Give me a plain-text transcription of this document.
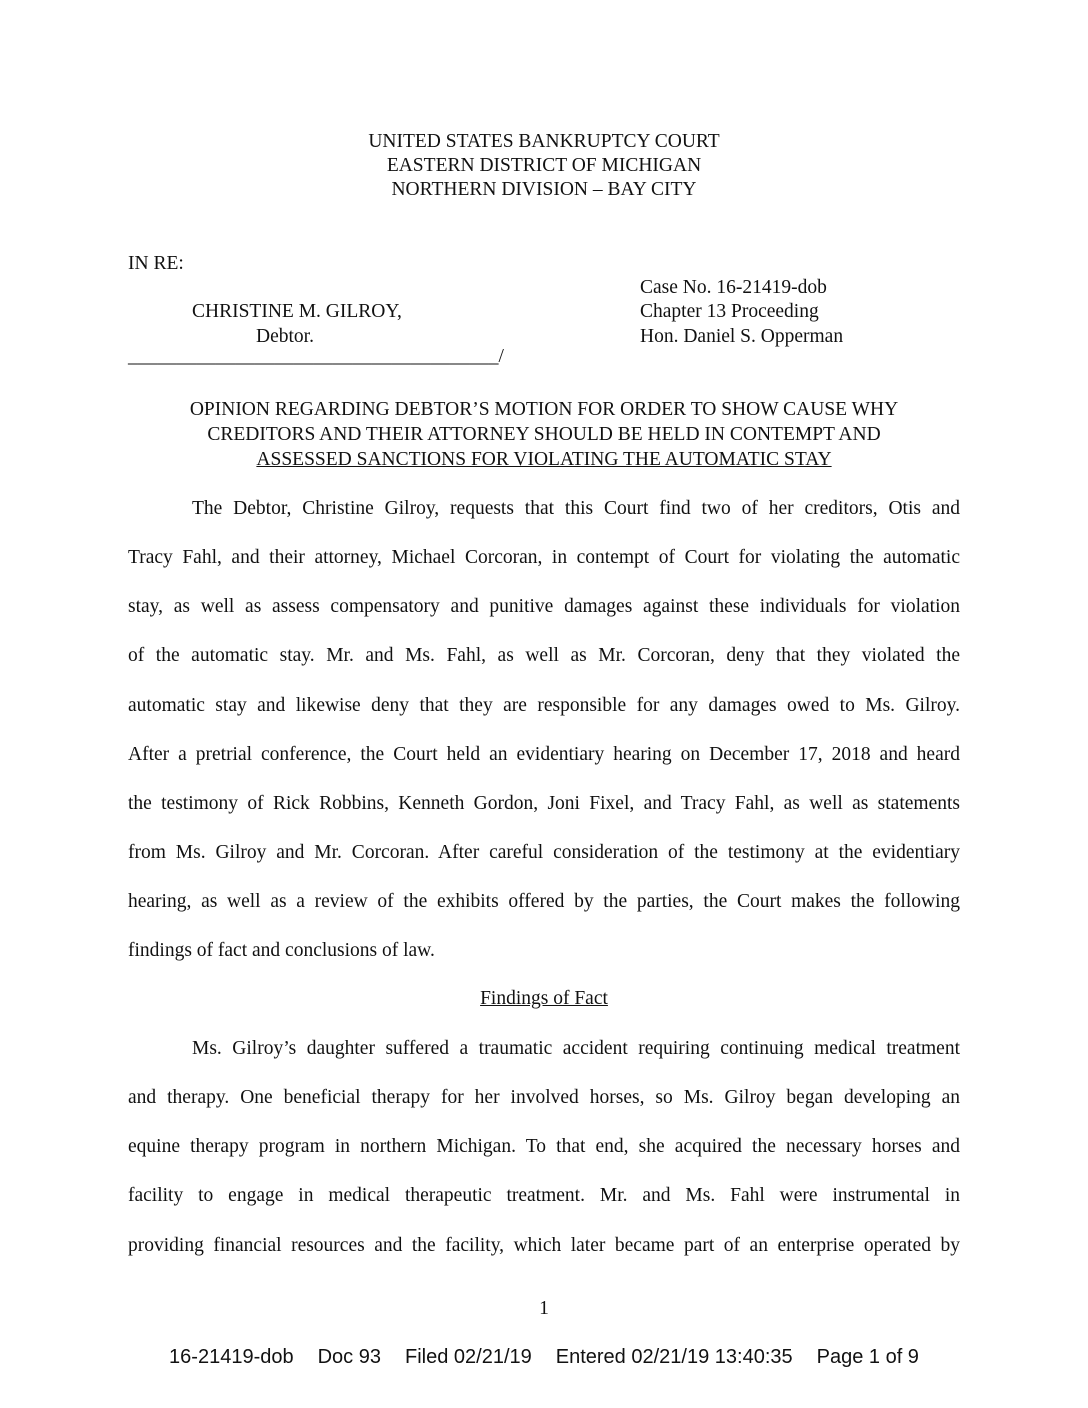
UNITED STATES BANKRUPTCY COURT
EASTERN DISTRICT OF MICHIGAN
NORTHERN DIVISION – BAY CITY
IN RE:
CHRISTINE M. GILROY,
Debtor.
______________________________________/
Case No. 16-21419-dob
Chapter 13 Proceeding
Hon. Daniel S. Opperman
OPINION REGARDING DEBTOR’S MOTION FOR ORDER TO SHOW CAUSE WHY
CREDITORS AND THEIR ATTORNEY SHOULD BE HELD IN CONTEMPT AND
ASSESSED SANCTIONS FOR VIOLATING THE AUTOMATIC STAY
The Debtor, Christine Gilroy, requests that this Court find two of her creditors, Otis and
Tracy Fahl, and their attorney, Michael Corcoran, in contempt of Court for violating the automatic
stay, as well as assess compensatory and punitive damages against these individuals for violation
of the automatic stay. Mr. and Ms. Fahl, as well as Mr. Corcoran, deny that they violated the
automatic stay and likewise deny that they are responsible for any damages owed to Ms. Gilroy.
After a pretrial conference, the Court held an evidentiary hearing on December 17, 2018 and heard
the testimony of Rick Robbins, Kenneth Gordon, Joni Fixel, and Tracy Fahl, as well as statements
from Ms. Gilroy and Mr. Corcoran. After careful consideration of the testimony at the evidentiary
hearing, as well as a review of the exhibits offered by the parties, the Court makes the following
findings of fact and conclusions of law.
Findings of Fact
Ms. Gilroy’s daughter suffered a traumatic accident requiring continuing medical treatment
and therapy. One beneficial therapy for her involved horses, so Ms. Gilroy began developing an
equine therapy program in northern Michigan. To that end, she acquired the necessary horses and
facility to engage in medical therapeutic treatment. Mr. and Ms. Fahl were instrumental in
providing financial resources and the facility, which later became part of an enterprise operated by
1
16-21419-dob Doc 93 Filed 02/21/19 Entered 02/21/19 13:40:35 Page 1 of 9
